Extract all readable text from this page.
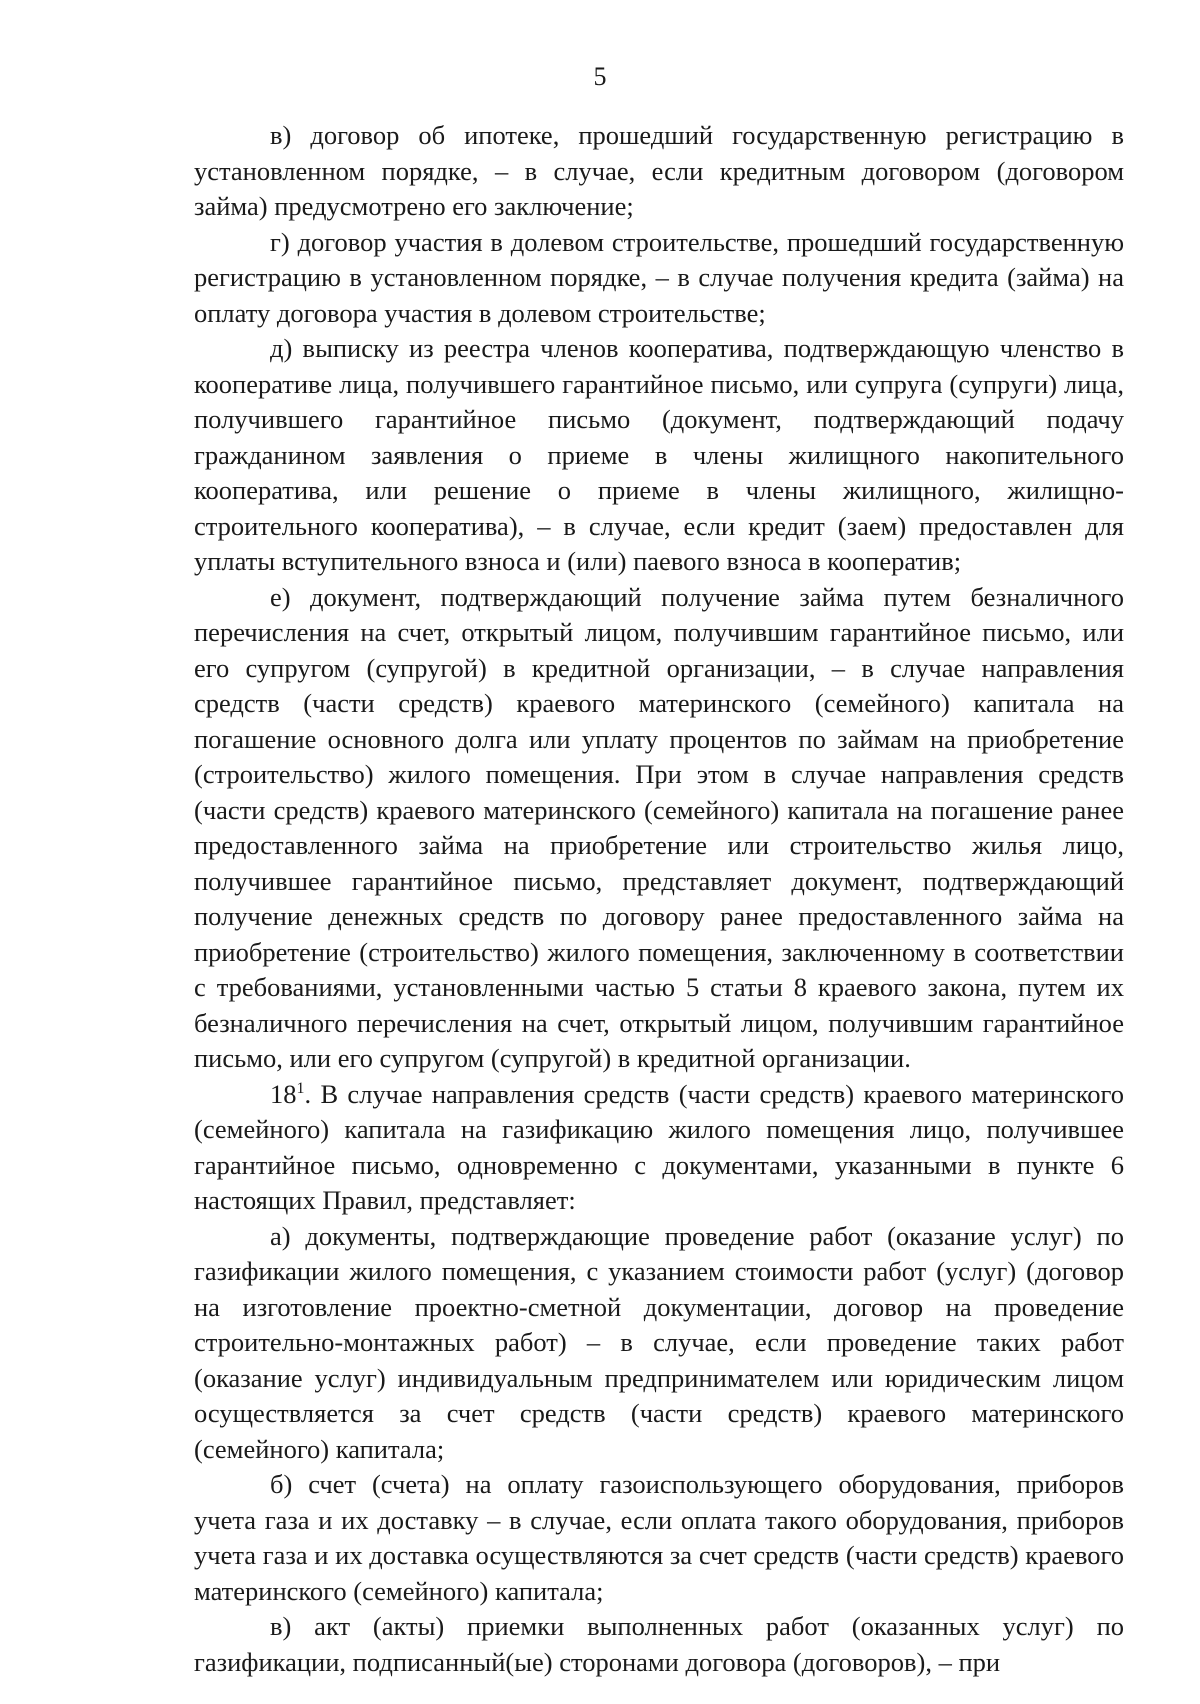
5

в) договор об ипотеке, прошедший государственную регистрацию в установленном порядке, – в случае, если кредитным договором (договором займа) предусмотрено его заключение;

г) договор участия в долевом строительстве, прошедший государственную регистрацию в установленном порядке, – в случае получения кредита (займа) на оплату договора участия в долевом строительстве;

д) выписку из реестра членов кооператива, подтверждающую членство в кооперативе лица, получившего гарантийное письмо, или супруга (супруги) лица, получившего гарантийное письмо (документ, подтверждающий подачу гражданином заявления о приеме в члены жилищного накопительного кооператива, или решение о приеме в члены жилищного, жилищно-строительного кооператива), – в случае, если кредит (заем) предоставлен для уплаты вступительного взноса и (или) паевого взноса в кооператив;

е) документ, подтверждающий получение займа путем безналичного перечисления на счет, открытый лицом, получившим гарантийное письмо, или его супругом (супругой) в кредитной организации, – в случае направления средств (части средств) краевого материнского (семейного) капитала на погашение основного долга или уплату процентов по займам на приобретение (строительство) жилого помещения. При этом в случае направления средств (части средств) краевого материнского (семейного) капитала на погашение ранее предоставленного займа на приобретение или строительство жилья лицо, получившее гарантийное письмо, представляет документ, подтверждающий получение денежных средств по договору ранее предоставленного займа на приобретение (строительство) жилого помещения, заключенному в соответствии с требованиями, установленными частью 5 статьи 8 краевого закона, путем их безналичного перечисления на счет, открытый лицом, получившим гарантийное письмо, или его супругом (супругой) в кредитной организации.

$18^1$. В случае направления средств (части средств) краевого материнского (семейного) капитала на газификацию жилого помещения лицо, получившее гарантийное письмо, одновременно с документами, указанными в пункте 6 настоящих Правил, представляет:

а) документы, подтверждающие проведение работ (оказание услуг) по газификации жилого помещения, с указанием стоимости работ (услуг) (договор на изготовление проектно-сметной документации, договор на проведение строительно-монтажных работ) – в случае, если проведение таких работ (оказание услуг) индивидуальным предпринимателем или юридическим лицом осуществляется за счет средств (части средств) краевого материнского (семейного) капитала;

б) счет (счета) на оплату газоиспользующего оборудования, приборов учета газа и их доставку – в случае, если оплата такого оборудования, приборов учета газа и их доставка осуществляются за счет средств (части средств) краевого материнского (семейного) капитала;

в) акт (акты) приемки выполненных работ (оказанных услуг) по газификации, подписанный(ые) сторонами договора (договоров), – при
